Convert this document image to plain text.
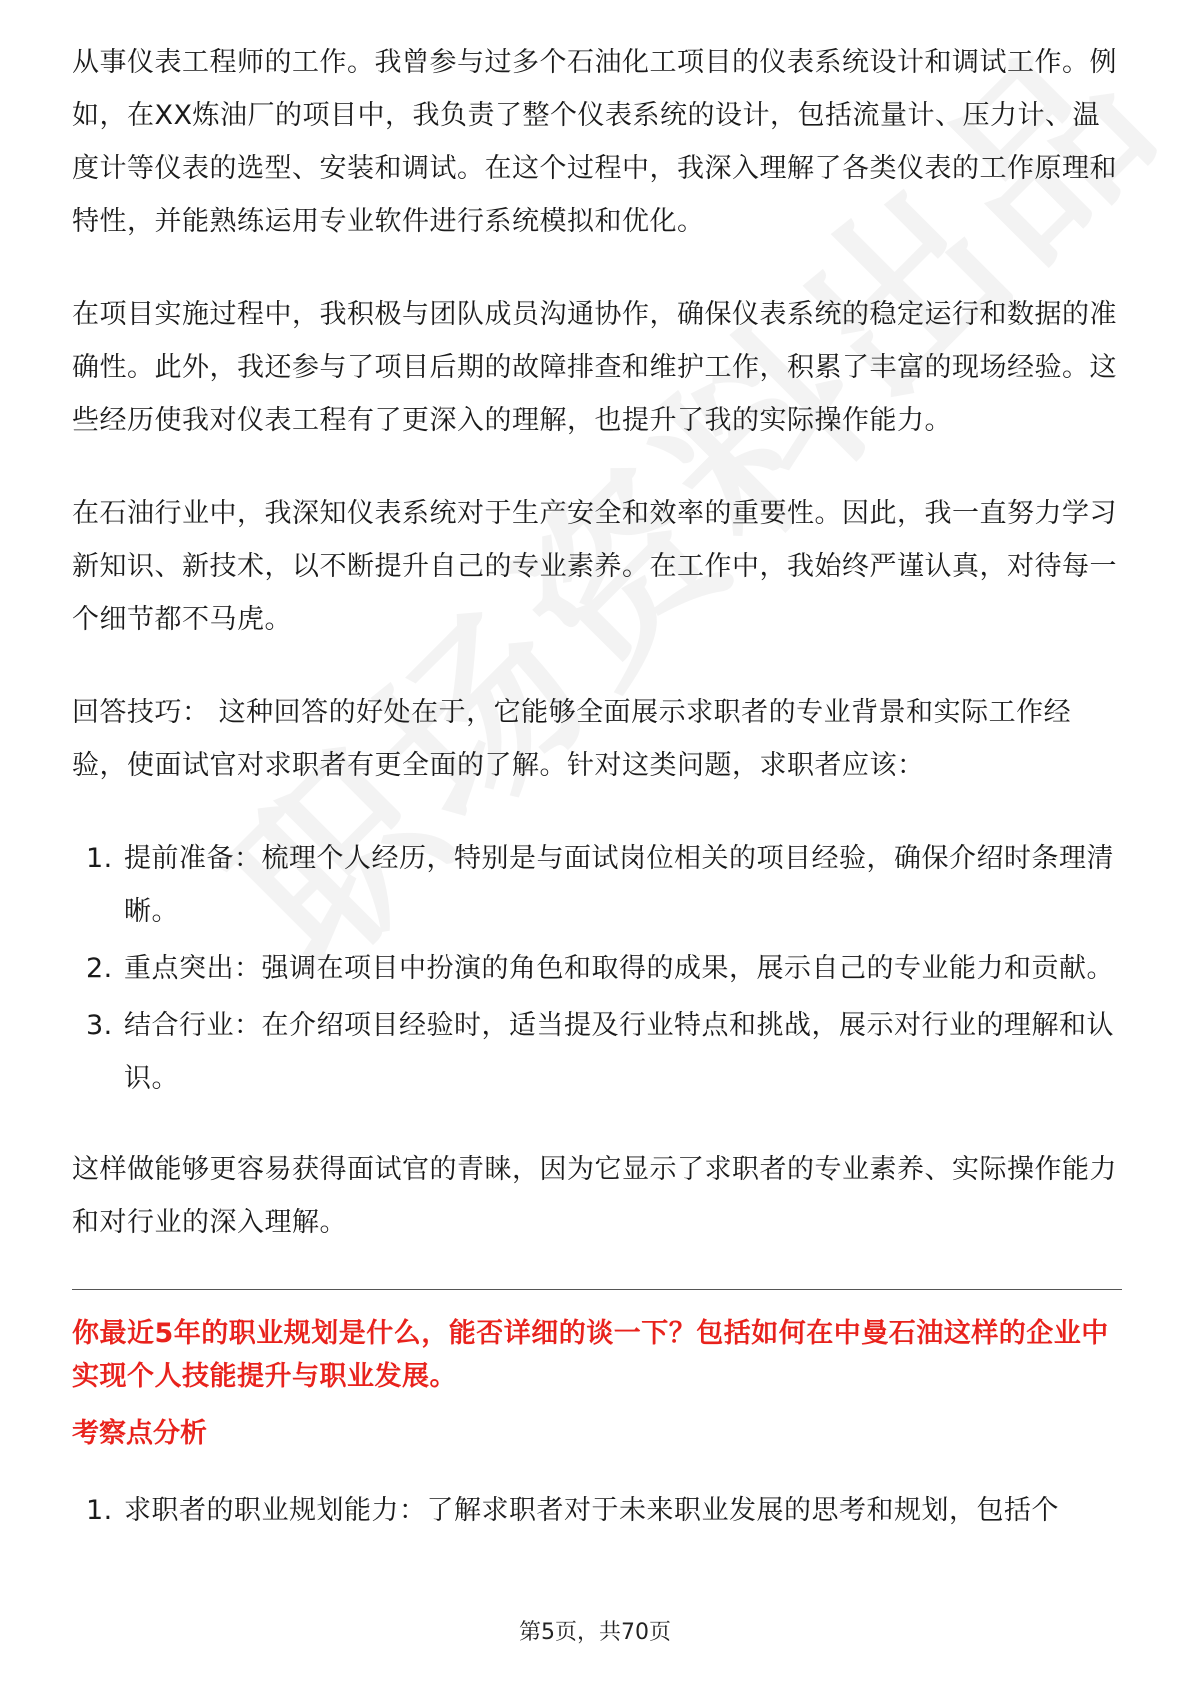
从事仪表工程师的工作。我曾参与过多个石油化工项目的仪表系统设计和调试工作。例如，在XX炼油厂的项目中，我负责了整个仪表系统的设计，包括流量计、压力计、温度计等仪表的选型、安装和调试。在这个过程中，我深入理解了各类仪表的工作原理和特性，并能熟练运用专业软件进行系统模拟和优化。

在项目实施过程中，我积极与团队成员沟通协作，确保仪表系统的稳定运行和数据的准确性。此外，我还参与了项目后期的故障排查和维护工作，积累了丰富的现场经验。这些经历使我对仪表工程有了更深入的理解，也提升了我的实际操作能力。

在石油行业中，我深知仪表系统对于生产安全和效率的重要性。因此，我一直努力学习新知识、新技术，以不断提升自己的专业素养。在工作中，我始终严谨认真，对待每一个细节都不马虎。

回答技巧： 这种回答的好处在于，它能够全面展示求职者的专业背景和实际工作经验，使面试官对求职者有更全面的了解。针对这类问题，求职者应该：

1. 提前准备：梳理个人经历，特别是与面试岗位相关的项目经验，确保介绍时条理清晰。
2. 重点突出：强调在项目中扮演的角色和取得的成果，展示自己的专业能力和贡献。
3. 结合行业：在介绍项目经验时，适当提及行业特点和挑战，展示对行业的理解和认识。

这样做能够更容易获得面试官的青睐，因为它显示了求职者的专业素养、实际操作能力和对行业的深入理解。

你最近5年的职业规划是什么，能否详细的谈一下？包括如何在中曼石油这样的企业中实现个人技能提升与职业发展。
考察点分析
1. 求职者的职业规划能力：了解求职者对于未来职业发展的思考和规划，包括个
第5页，共70页
